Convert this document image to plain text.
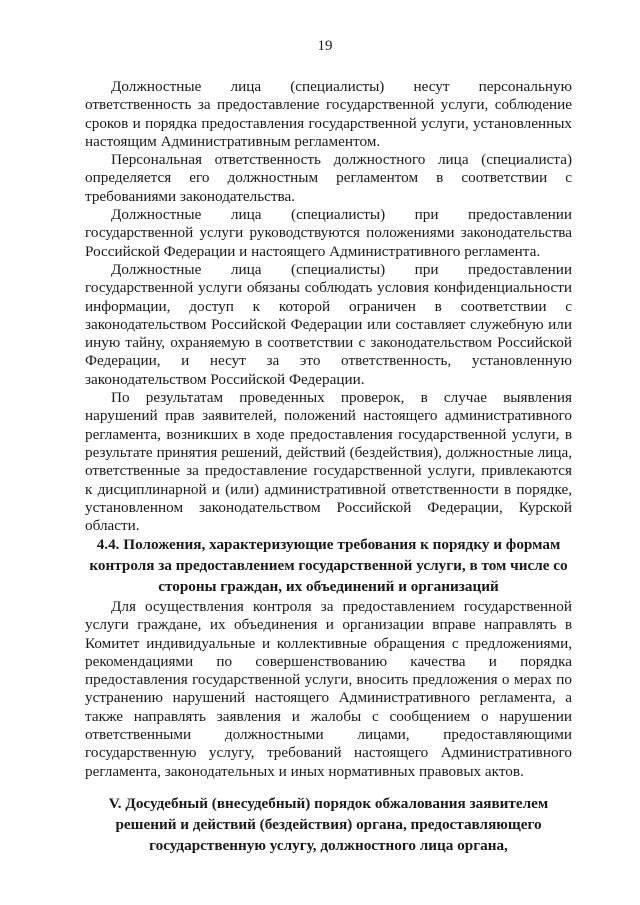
19

Должностные лица (специалисты) несут персональную ответственность за предоставление государственной услуги, соблюдение сроков и порядка предоставления государственной услуги, установленных настоящим Административным регламентом.

Персональная ответственность должностного лица (специалиста) определяется его должностным регламентом в соответствии с требованиями законодательства.

Должностные лица (специалисты) при предоставлении государственной услуги руководствуются положениями законодательства Российской Федерации и настоящего Административного регламента.

Должностные лица (специалисты) при предоставлении государственной услуги обязаны соблюдать условия конфиденциальности информации, доступ к которой ограничен в соответствии с законодательством Российской Федерации или составляет служебную или иную тайну, охраняемую в соответствии с законодательством Российской Федерации, и несут за это ответственность, установленную законодательством Российской Федерации.

По результатам проведенных проверок, в случае выявления нарушений прав заявителей, положений настоящего административного регламента, возникших в ходе предоставления государственной услуги, в результате принятия решений, действий (бездействия), должностные лица, ответственные за предоставление государственной услуги, привлекаются к дисциплинарной и (или) административной ответственности в порядке, установленном законодательством Российской Федерации, Курской области.

4.4. Положения, характеризующие требования к порядку и формам контроля за предоставлением государственной услуги, в том числе со стороны граждан, их объединений и организаций

Для осуществления контроля за предоставлением государственной услуги граждане, их объединения и организации вправе направлять в Комитет индивидуальные и коллективные обращения с предложениями, рекомендациями по совершенствованию качества и порядка предоставления государственной услуги, вносить предложения о мерах по устранению нарушений настоящего Административного регламента, а также направлять заявления и жалобы с сообщением о нарушении ответственными должностными лицами, предоставляющими государственную услугу, требований настоящего Административного регламента, законодательных и иных нормативных правовых актов.

V. Досудебный (внесудебный) порядок обжалования заявителем решений и действий (бездействия) органа, предоставляющего государственную услугу, должностного лица органа,
